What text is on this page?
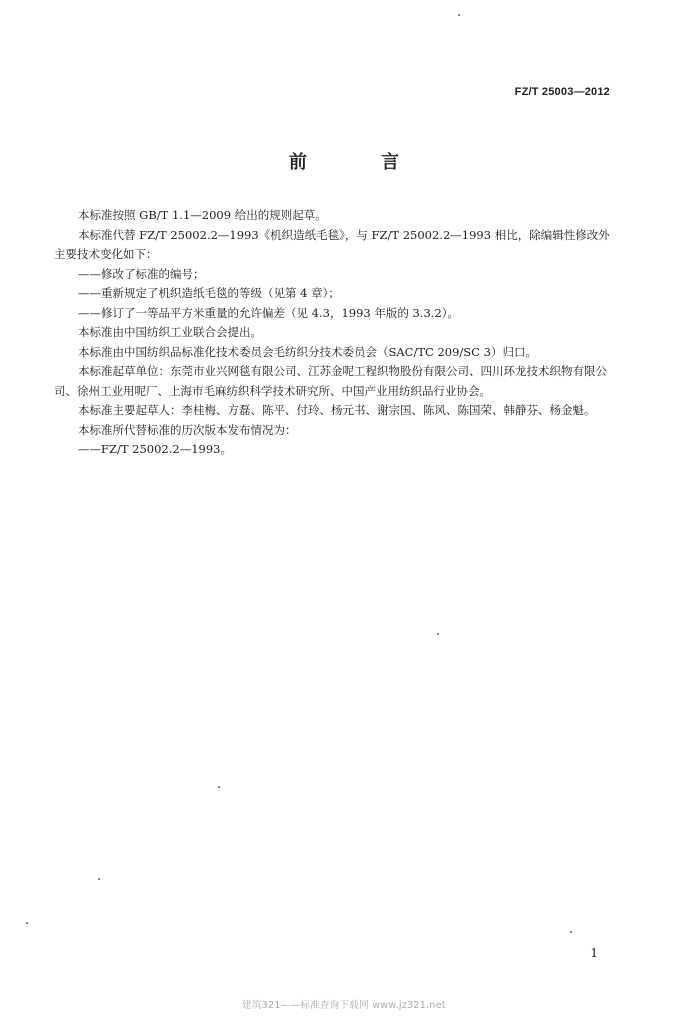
FZ/T 25003—2012
前 言

本标准按照 GB/T 1.1—2009 给出的规则起草。

本标准代替 FZ/T 25002.2—1993《机织造纸毛毯》，与 FZ/T 25002.2—1993 相比，除编辑性修改外主要技术变化如下：

——修改了标准的编号；

——重新规定了机织造纸毛毯的等级（见第 4 章）；

——修订了一等品平方米重量的允许偏差（见 4.3，1993 年版的 3.3.2）。

本标准由中国纺织工业联合会提出。

本标准由中国纺织品标准化技术委员会毛纺织分技术委员会（SAC/TC 209/SC 3）归口。

本标准起草单位：东莞市业兴网毯有限公司、江苏金呢工程织物股份有限公司、四川环龙技术织物有限公司、徐州工业用呢厂、上海市毛麻纺织科学技术研究所、中国产业用纺织品行业协会。

本标准主要起草人：李桂梅、方磊、陈平、付玲、杨元书、谢宗国、陈风、陈国荣、韩静芬、杨金魁。

本标准所代替标准的历次版本发布情况为：

——FZ/T 25002.2—1993。

1
建筑321——标准查询下载网 www.jz321.net
